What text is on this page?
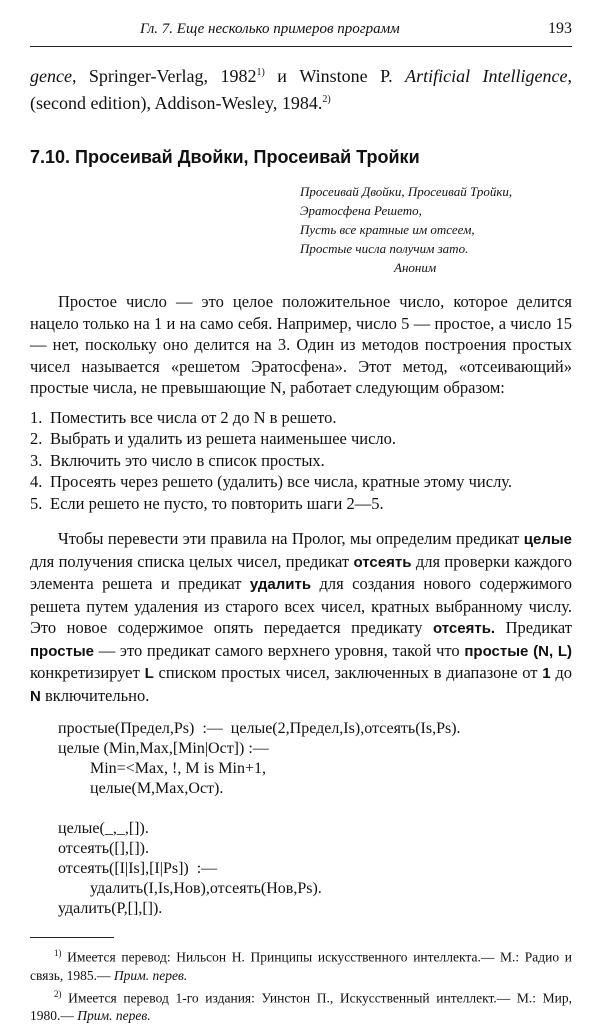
Гл. 7. Еще несколько примеров программ	193
gence, Springer-Verlag, 1982$^{1)}$ и Winstone P. Artificial Intelligence, (second edition), Addison-Wesley, 1984.$^{2)}$
7.10. Просеивай Двойки, Просеивай Тройки
Просеивай Двойки, Просеивай Тройки,
Эратосфена Решето,
Пусть все кратные им отсеем,
Простые числа получим зато.
Аноним
Простое число — это целое положительное число, которое делится нацело только на 1 и на само себя. Например, число 5 — простое, а число 15 — нет, поскольку оно делится на 3. Один из методов построения простых чисел называется «решетом Эратосфена». Этот метод, «отсеивающий» простые числа, не превышающие N, работает следующим образом:
1. Поместить все числа от 2 до N в решето.
2. Выбрать и удалить из решета наименьшее число.
3. Включить это число в список простых.
4. Просеять через решето (удалить) все числа, кратные этому числу.
5. Если решето не пусто, то повторить шаги 2—5.
Чтобы перевести эти правила на Пролог, мы определим предикат целые для получения списка целых чисел, предикат отсеять для проверки каждого элемента решета и предикат удалить для создания нового содержимого решета путем удаления из старого всех чисел, кратных выбранному числу. Это новое содержимое опять передается предикату отсеять. Предикат простые — это предикат самого верхнего уровня, такой что простые (N, L) конкретизирует L списком простых чисел, заключенных в диапазоне от 1 до N включительно.
простые(Предел,Ps)  :—  целые(2,Предел,Is),отсеять(Is,Ps).
целые (Min,Max,[Min|Ост]) :—
Min=<Max, !, M is Min+1,
целые(M,Max,Ост).
целые(_,_,[]).
отсеять([],[]).
отсеять([I|Is],[I|Ps])  :—
удалить(I,Is,Нов),отсеять(Нов,Ps).
удалить(P,[],[]).

$^{1)}$ Имеется перевод: Нильсон Н. Принципы искусственного интеллекта.— М.: Радио и связь, 1985.— Прим. перев.

$^{2)}$ Имеется перевод 1-го издания: Уинстон П., Искусственный интеллект.— М.: Мир, 1980.— Прим. перев.
